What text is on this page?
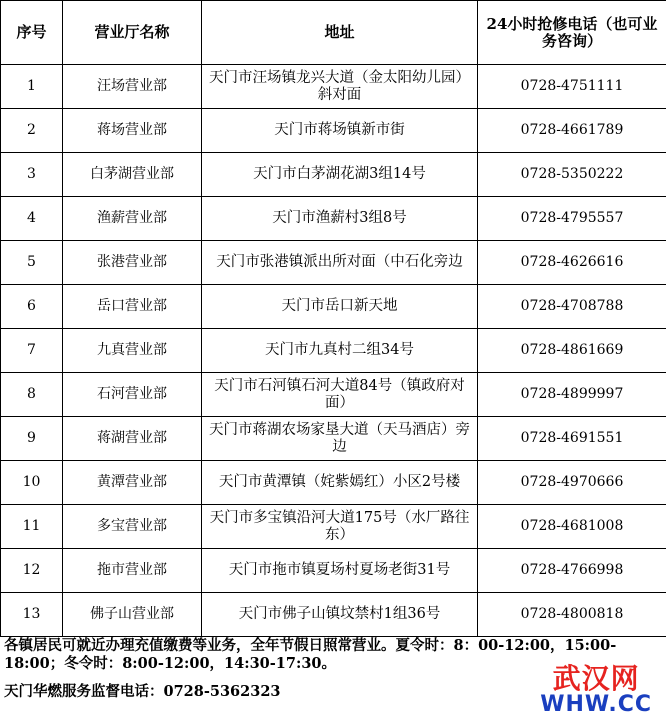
序号	营业厅名称	地址	24小时抢修电话（也可业务咨询）
1	汪场营业部	天门市汪场镇龙兴大道（金太阳幼儿园）斜对面	0728-4751111
2	蒋场营业部	天门市蒋场镇新市街	0728-4661789
3	白茅湖营业部	天门市白茅湖花湖3组14号	0728-5350222
4	渔薪营业部	天门市渔薪村3组8号	0728-4795557
5	张港营业部	天门市张港镇派出所对面（中石化旁边	0728-4626616
6	岳口营业部	天门市岳口新天地	0728-4708788
7	九真营业部	天门市九真村二组34号	0728-4861669
8	石河营业部	天门市石河镇石河大道84号（镇政府对面）	0728-4899997
9	蒋湖营业部	天门市蒋湖农场家垦大道（天马酒店）旁边	0728-4691551
10	黄潭营业部	天门市黄潭镇（姹紫嫣红）小区2号楼	0728-4970666
11	多宝营业部	天门市多宝镇沿河大道175号（水厂路往东）	0728-4681008
12	拖市营业部	天门市拖市镇夏场村夏场老街31号	0728-4766998
13	佛子山营业部	天门市佛子山镇坟禁村1组36号	0728-4800818

各镇居民可就近办理充值缴费等业务，全年节假日照常营业。夏令时：8：00-12:00，15:00-18:00；冬令时：8:00-12:00，14:30-17:30。

天门华燃服务监督电话：0728-5362323	武汉网
WHW.CC
